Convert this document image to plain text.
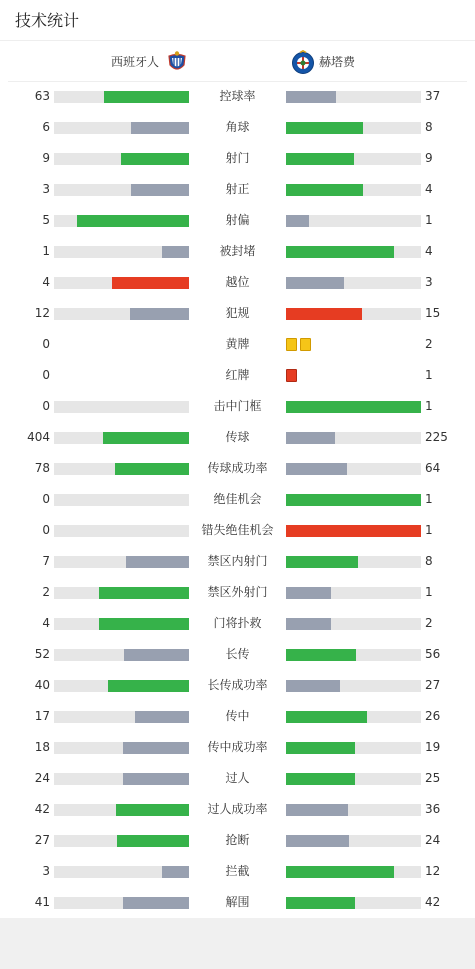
技术统计
西班牙人	赫塔费
63	控球率	37
6	角球	8
9	射门	9
3	射正	4
5	射偏	1
1	被封堵	4
4	越位	3
12	犯规	15
0	黄牌	2
0	红牌	1
0	击中门框	1
404	传球	225
78	传球成功率	64
0	绝佳机会	1
0	错失绝佳机会	1
7	禁区内射门	8
2	禁区外射门	1
4	门将扑救	2
52	长传	56
40	长传成功率	27
17	传中	26
18	传中成功率	19
24	过人	25
42	过人成功率	36
27	抢断	24
3	拦截	12
41	解围	42
